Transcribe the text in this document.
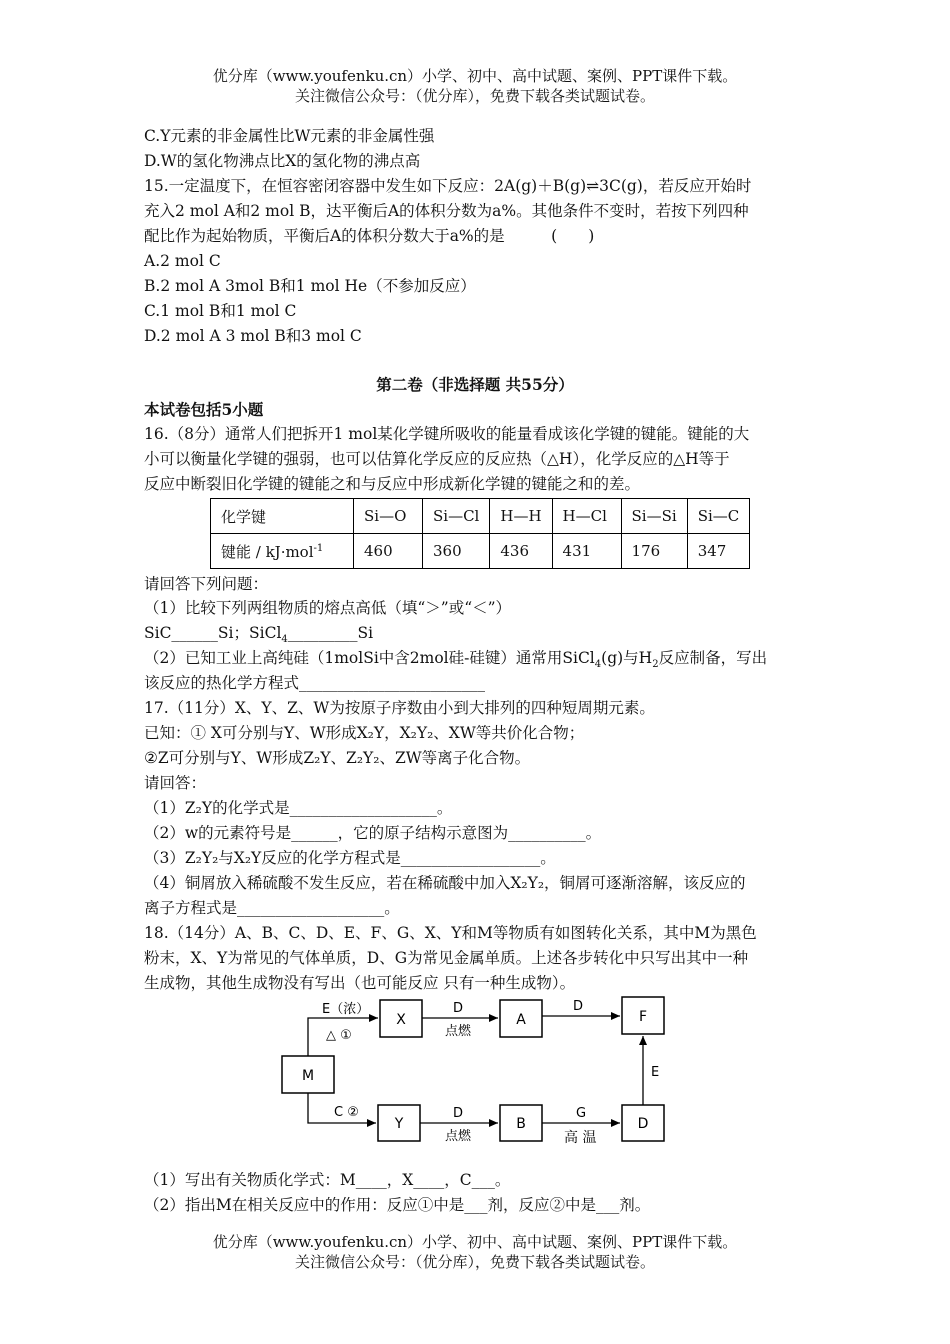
优分库（www.youfenku.cn）小学、初中、高中试题、案例、PPT课件下载。
关注微信公众号：（优分库），免费下载各类试题试卷。
C.Y元素的非金属性比W元素的非金属性强
D.W的氢化物沸点比X的氢化物的沸点高
15.一定温度下，在恒容密闭容器中发生如下反应：2A(g)＋B(g)⇌3C(g)，若反应开始时
充入2 mol A和2 mol B，达平衡后A的体积分数为a%。其他条件不变时，若按下列四种
配比作为起始物质，平衡后A的体积分数大于a%的是　　　(　　)
A.2 mol C
B.2 mol A 3mol B和1 mol He（不参加反应）
C.1 mol B和1 mol C
D.2 mol A 3 mol B和3 mol C
第二卷（非选择题 共55分）
本试卷包括5小题
16.（8分）通常人们把拆开1 mol某化学键所吸收的能量看成该化学键的键能。键能的大
小可以衡量化学键的强弱，也可以估算化学反应的反应热（△H），化学反应的△H等于
反应中断裂旧化学键的键能之和与反应中形成新化学键的键能之和的差。
化学键	Si—O	Si—Cl	H—H	H—Cl	Si—Si	Si—C
键能 / kJ·mol$^{-1}$	460	360	436	431	176	347
请回答下列问题：
（1）比较下列两组物质的熔点高低（填“＞”或“＜”）
SiC______Si；SiCl$_4$_________Si
（2）已知工业上高纯硅（1molSi中含2mol硅-硅键）通常用SiCl$_4$(g)与$H_2$反应制备，写出
该反应的热化学方程式________________________
17.（11分）X、Y、Z、W为按原子序数由小到大排列的四种短周期元素。
已知：① X可分别与Y、W形成X₂Y，X₂Y₂、XW等共价化合物；
②Z可分别与Y、W形成Z₂Y、Z₂Y₂、ZW等离子化合物。
请回答：
（1）Z₂Y的化学式是___________________。
（2）w的元素符号是______，它的原子结构示意图为__________。
（3）Z₂Y₂与X₂Y反应的化学方程式是__________________。
（4）铜屑放入稀硫酸不发生反应，若在稀硫酸中加入X₂Y₂，铜屑可逐渐溶解，该反应的
离子方程式是___________________。
18.（14分）A、B、C、D、E、F、G、X、Y和M等物质有如图转化关系，其中M为黑色
粉末，X、Y为常见的气体单质，D、G为常见金属单质。上述各步转化中只写出其中一种
生成物，其他生成物没有写出（也可能反应 只有一种生成物）。
M
X	A	F
Y	B	D
E（浓）
△ ①
C ②
D
点燃
D
E
D
点燃
G
高 温
（1）写出有关物质化学式：M____，X____，C___。
（2）指出M在相关反应中的作用：反应①中是___剂，反应②中是___剂。
优分库（www.youfenku.cn）小学、初中、高中试题、案例、PPT课件下载。
关注微信公众号：（优分库），免费下载各类试题试卷。
